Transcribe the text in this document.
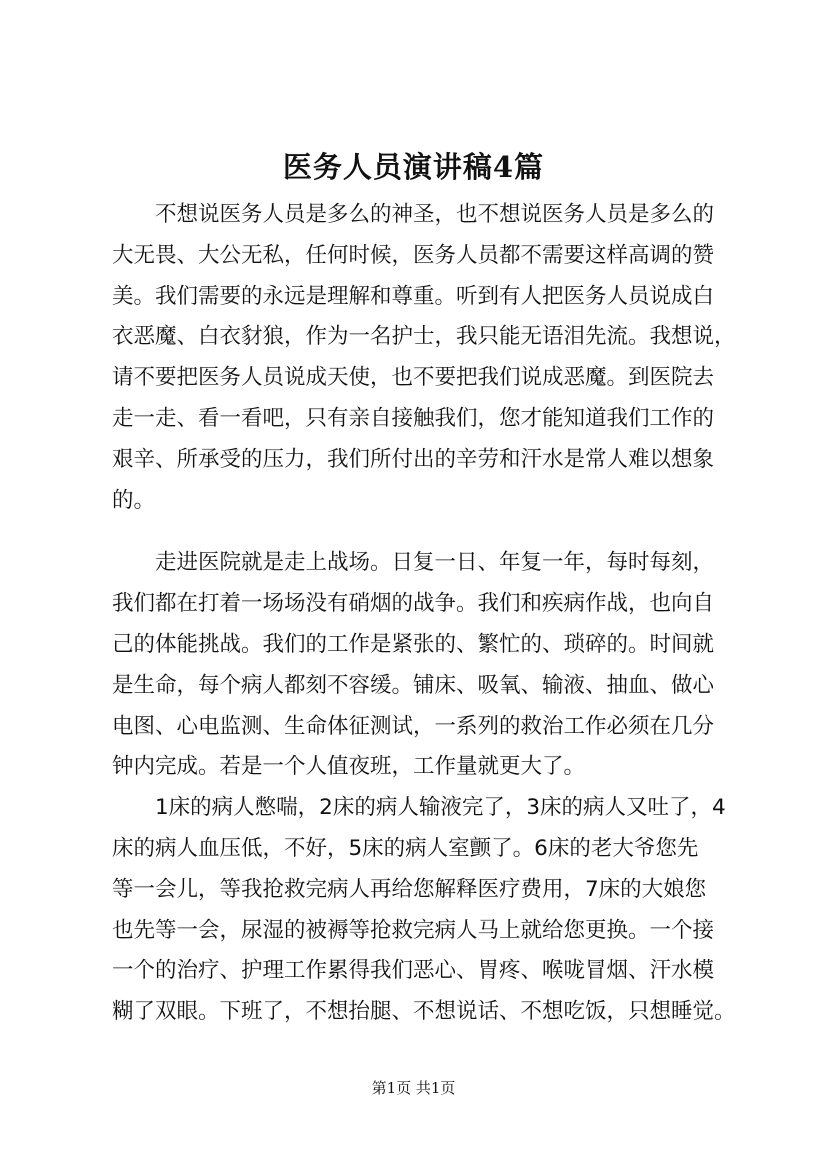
医务人员演讲稿4篇
不想说医务人员是多么的神圣，也不想说医务人员是多么的
大无畏、大公无私，任何时候，医务人员都不需要这样高调的赞
美。我们需要的永远是理解和尊重。听到有人把医务人员说成白
衣恶魔、白衣豺狼，作为一名护士，我只能无语泪先流。我想说，
请不要把医务人员说成天使，也不要把我们说成恶魔。到医院去
走一走、看一看吧，只有亲自接触我们，您才能知道我们工作的
艰辛、所承受的压力，我们所付出的辛劳和汗水是常人难以想象
的。
走进医院就是走上战场。日复一日、年复一年，每时每刻，
我们都在打着一场场没有硝烟的战争。我们和疾病作战，也向自
己的体能挑战。我们的工作是紧张的、繁忙的、琐碎的。时间就
是生命，每个病人都刻不容缓。铺床、吸氧、输液、抽血、做心
电图、心电监测、生命体征测试，一系列的救治工作必须在几分
钟内完成。若是一个人值夜班，工作量就更大了。
1床的病人憋喘，2床的病人输液完了，3床的病人又吐了，4
床的病人血压低，不好，5床的病人室颤了。6床的老大爷您先
等一会儿，等我抢救完病人再给您解释医疗费用，7床的大娘您
也先等一会，尿湿的被褥等抢救完病人马上就给您更换。一个接
一个的治疗、护理工作累得我们恶心、胃疼、喉咙冒烟、汗水模
糊了双眼。下班了，不想抬腿、不想说话、不想吃饭，只想睡觉。
第1页 共1页
